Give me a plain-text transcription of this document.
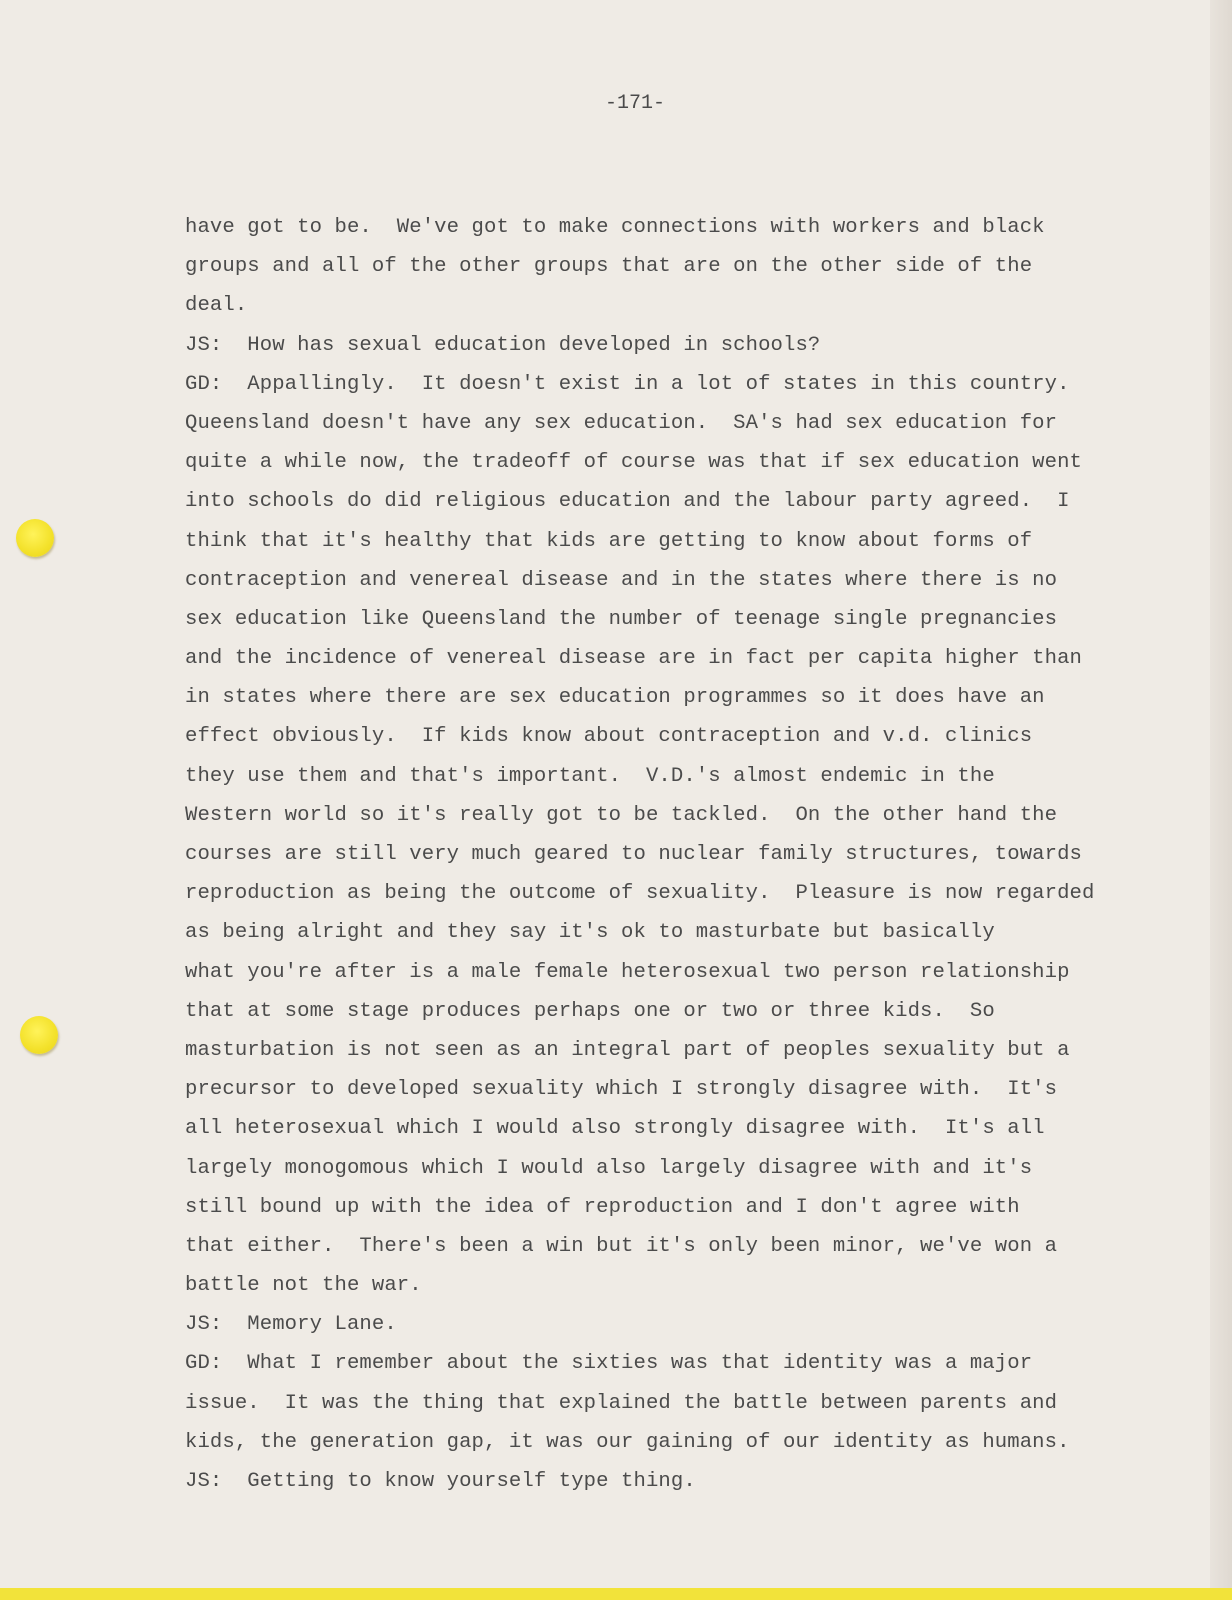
-171-

have got to be.  We've got to make connections with workers and black
groups and all of the other groups that are on the other side of the
deal.
JS:  How has sexual education developed in schools?
GD:  Appallingly.  It doesn't exist in a lot of states in this country.
Queensland doesn't have any sex education.  SA's had sex education for
quite a while now, the tradeoff of course was that if sex education went
into schools do did religious education and the labour party agreed.  I
think that it's healthy that kids are getting to know about forms of
contraception and venereal disease and in the states where there is no
sex education like Queensland the number of teenage single pregnancies
and the incidence of venereal disease are in fact per capita higher than
in states where there are sex education programmes so it does have an
effect obviously.  If kids know about contraception and v.d. clinics
they use them and that's important.  V.D.'s almost endemic in the
Western world so it's really got to be tackled.  On the other hand the
courses are still very much geared to nuclear family structures, towards
reproduction as being the outcome of sexuality.  Pleasure is now regarded
as being alright and they say it's ok to masturbate but basically
what you're after is a male female heterosexual two person relationship
that at some stage produces perhaps one or two or three kids.  So
masturbation is not seen as an integral part of peoples sexuality but a
precursor to developed sexuality which I strongly disagree with.  It's
all heterosexual which I would also strongly disagree with.  It's all
largely monogomous which I would also largely disagree with and it's
still bound up with the idea of reproduction and I don't agree with
that either.  There's been a win but it's only been minor, we've won a
battle not the war.
JS:  Memory Lane.
GD:  What I remember about the sixties was that identity was a major
issue.  It was the thing that explained the battle between parents and
kids, the generation gap, it was our gaining of our identity as humans.
JS:  Getting to know yourself type thing.
